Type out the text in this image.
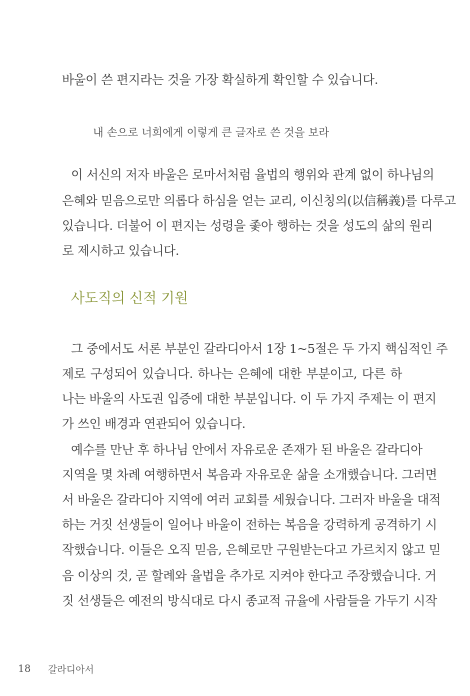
바울이 쓴 편지라는 것을 가장 확실하게 확인할 수 있습니다.
내 손으로 너희에게 이렇게 큰 글자로 쓴 것을 보라
이 서신의 저자 바울은 로마서처럼 율법의 행위와 관계 없이 하나님의
은혜와 믿음으로만 의롭다 하심을 얻는 교리, 이신칭의(以信稱義)를 다루고
있습니다. 더불어 이 편지는 성령을 좇아 행하는 것을 성도의 삶의 원리
로 제시하고 있습니다.
사도직의 신적 기원
그 중에서도 서론 부분인 갈라디아서 1장 1~5절은 두 가지 핵심적인 주
제로 구성되어 있습니다. 하나는 은혜에 대한 부분이고, 다른 하
나는 바울의 사도권 입증에 대한 부분입니다. 이 두 가지 주제는 이 편지
가 쓰인 배경과 연관되어 있습니다.
예수를 만난 후 하나님 안에서 자유로운 존재가 된 바울은 갈라디아
지역을 몇 차례 여행하면서 복음과 자유로운 삶을 소개했습니다. 그러면
서 바울은 갈라디아 지역에 여러 교회를 세웠습니다. 그러자 바울을 대적
하는 거짓 선생들이 일어나 바울이 전하는 복음을 강력하게 공격하기 시
작했습니다. 이들은 오직 믿음, 은혜로만 구원받는다고 가르치지 않고 믿
음 이상의 것, 곧 할례와 율법을 추가로 지켜야 한다고 주장했습니다. 거
짓 선생들은 예전의 방식대로 다시 종교적 규율에 사람들을 가두기 시작
18 갈라디아서
